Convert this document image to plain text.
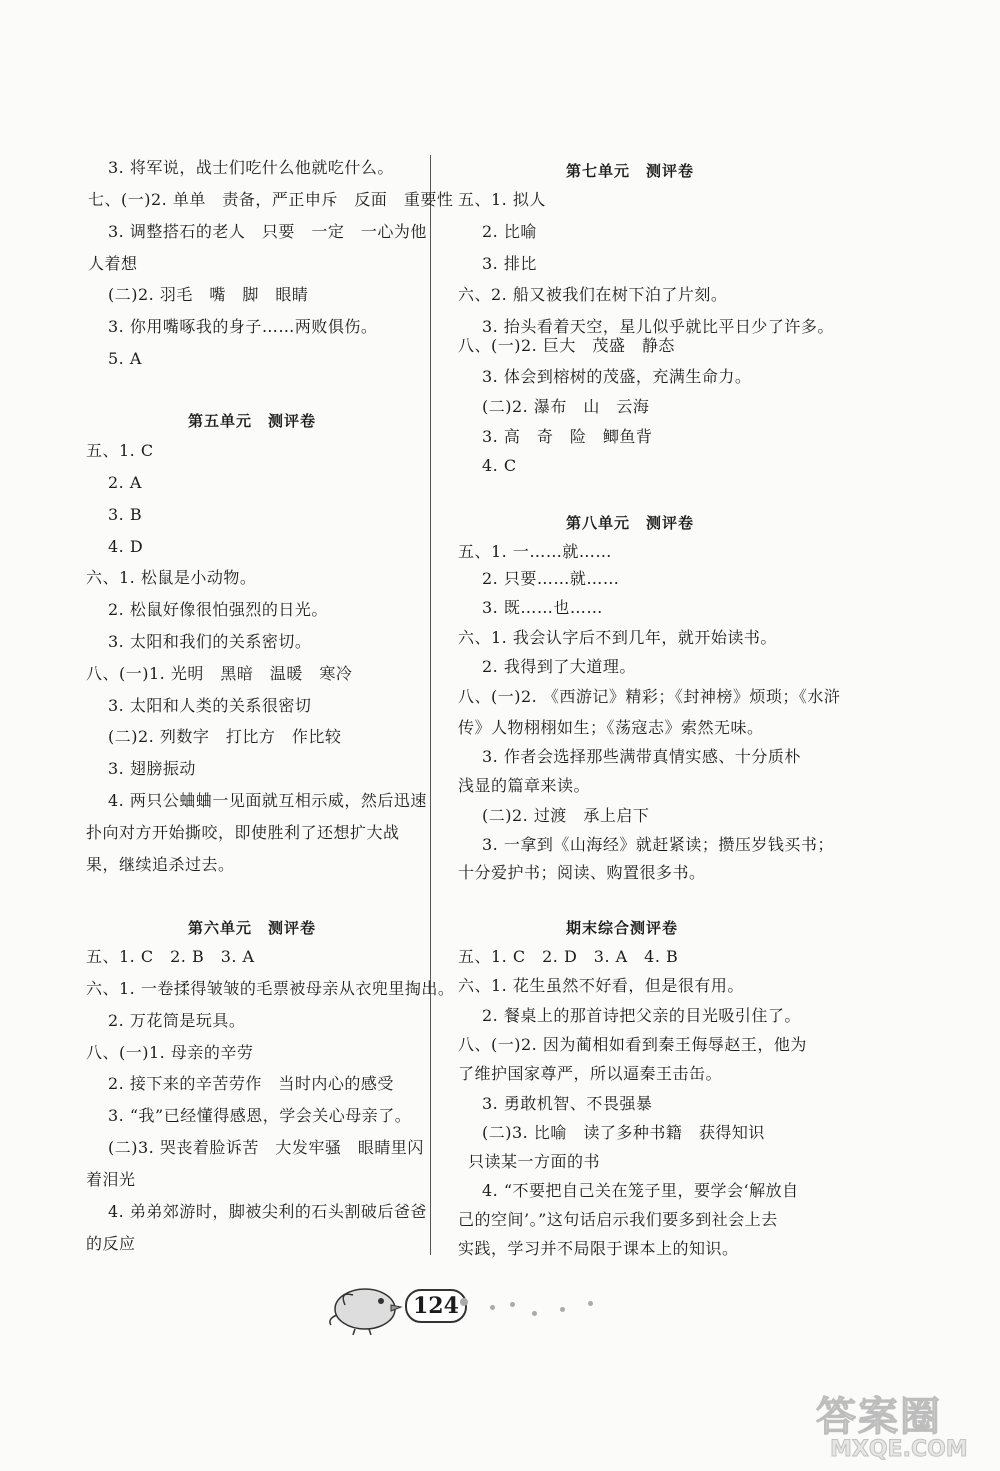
3. 将军说，战士们吃什么他就吃什么。
七、(一)2. 单单　责备，严正申斥　反面　重要性
3. 调整搭石的老人　只要　一定　一心为他
人着想
(二)2. 羽毛　嘴　脚　眼睛
3. 你用嘴啄我的身子……两败俱伤。
5. A
第五单元　测评卷
五、1. C
2. A
3. B
4. D
六、1. 松鼠是小动物。
2. 松鼠好像很怕强烈的日光。
3. 太阳和我们的关系密切。
八、(一)1. 光明　黑暗　温暖　寒冷
3. 太阳和人类的关系很密切
(二)2. 列数字　打比方　作比较
3. 翅膀振动
4. 两只公蛐蛐一见面就互相示威，然后迅速
扑向对方开始撕咬，即使胜利了还想扩大战
果，继续追杀过去。
第六单元　测评卷
五、1. C　2. B　3. A
六、1. 一卷揉得皱皱的毛票被母亲从衣兜里掏出。
2. 万花筒是玩具。
八、(一)1. 母亲的辛劳
2. 接下来的辛苦劳作　当时内心的感受
3. “我”已经懂得感恩，学会关心母亲了。
(二)3. 哭丧着脸诉苦　大发牢骚　眼睛里闪
着泪光
4. 弟弟郊游时，脚被尖利的石头割破后爸爸
的反应
第七单元　测评卷
五、1. 拟人
2. 比喻
3. 排比
六、2. 船又被我们在树下泊了片刻。
3. 抬头看着天空，星儿似乎就比平日少了许多。
八、(一)2. 巨大　茂盛　静态
3. 体会到榕树的茂盛，充满生命力。
(二)2. 瀑布　山　云海
3. 高　奇　险　鲫鱼背
4. C
第八单元　测评卷
五、1. 一……就……
2. 只要……就……
3. 既……也……
六、1. 我会认字后不到几年，就开始读书。
2. 我得到了大道理。
八、(一)2. 《西游记》精彩；《封神榜》烦琐；《水浒
传》人物栩栩如生；《荡寇志》索然无味。
3. 作者会选择那些满带真情实感、十分质朴
浅显的篇章来读。
(二)2. 过渡　承上启下
3. 一拿到《山海经》就赶紧读；攒压岁钱买书；
十分爱护书；阅读、购置很多书。
期末综合测评卷
五、1. C　2. D　3. A　4. B
六、1. 花生虽然不好看，但是很有用。
2. 餐桌上的那首诗把父亲的目光吸引住了。
八、(一)2. 因为蔺相如看到秦王侮辱赵王，他为
了维护国家尊严，所以逼秦王击缶。
3. 勇敢机智、不畏强暴
(二)3. 比喻　读了多种书籍　获得知识
只读某一方面的书
4. “不要把自己关在笼子里，要学会‘解放自
己的空间’。”这句话启示我们要多到社会上去
实践，学习并不局限于课本上的知识。
124
答案圈
MXQE.COM
